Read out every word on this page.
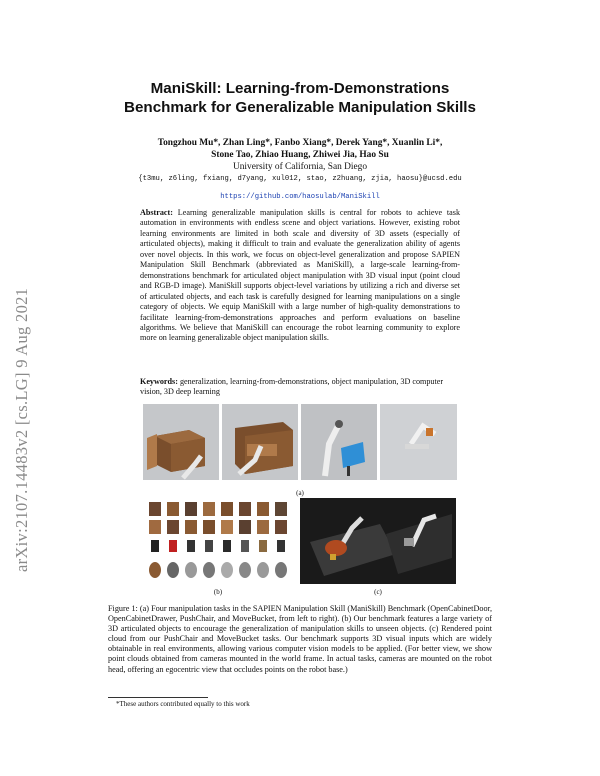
arXiv:2107.14483v2 [cs.LG] 9 Aug 2021
ManiSkill: Learning-from-Demonstrations
Benchmark for Generalizable Manipulation Skills
Tongzhou Mu*, Zhan Ling*, Fanbo Xiang*, Derek Yang*, Xuanlin Li*,
Stone Tao, Zhiao Huang, Zhiwei Jia, Hao Su
University of California, San Diego
{t3mu, z6ling, fxiang, d7yang, xul012, stao, z2huang, zjia, haosu}@ucsd.edu
https://github.com/haosulab/ManiSkill

Abstract: Learning generalizable manipulation skills is central for robots to achieve task automation in environments with endless scene and object variations. However, existing robot learning environments are limited in both scale and diversity of 3D assets (especially of articulated objects), making it difficult to train and evaluate the generalization ability of agents over novel objects. In this work, we focus on object-level generalization and propose SAPIEN Manipulation Skill Benchmark (abbreviated as ManiSkill), a large-scale learning-from-demonstrations benchmark for articulated object manipulation with 3D visual input (point cloud and RGB-D image). ManiSkill supports object-level variations by utilizing a rich and diverse set of articulated objects, and each task is carefully designed for learning manipulations on a single category of objects. We equip ManiSkill with a large number of high-quality demonstrations to facilitate learning-from-demonstrations approaches and perform evaluations on baseline algorithms. We believe that ManiSkill can encourage the robot learning community to explore more on learning generalizable object manipulation skills.

Keywords: generalization, learning-from-demonstrations, object manipulation, 3D computer vision, 3D deep learning
(a)
(b)	(c)
Figure 1: (a) Four manipulation tasks in the SAPIEN Manipulation Skill (ManiSkill) Benchmark (OpenCabinetDoor, OpenCabinetDrawer, PushChair, and MoveBucket, from left to right). (b) Our benchmark features a large variety of 3D articulated objects to encourage the generalization of manipulation skills to unseen objects. (c) Rendered point cloud from our PushChair and MoveBucket tasks. Our benchmark supports 3D visual inputs which are widely obtainable in real environments, allowing various computer vision models to be applied. (For better view, we show point clouds obtained from cameras mounted in the world frame. In actual tasks, cameras are mounted on the robot head, offering an egocentric view that occludes points on the robot base.)
*These authors contributed equally to this work
